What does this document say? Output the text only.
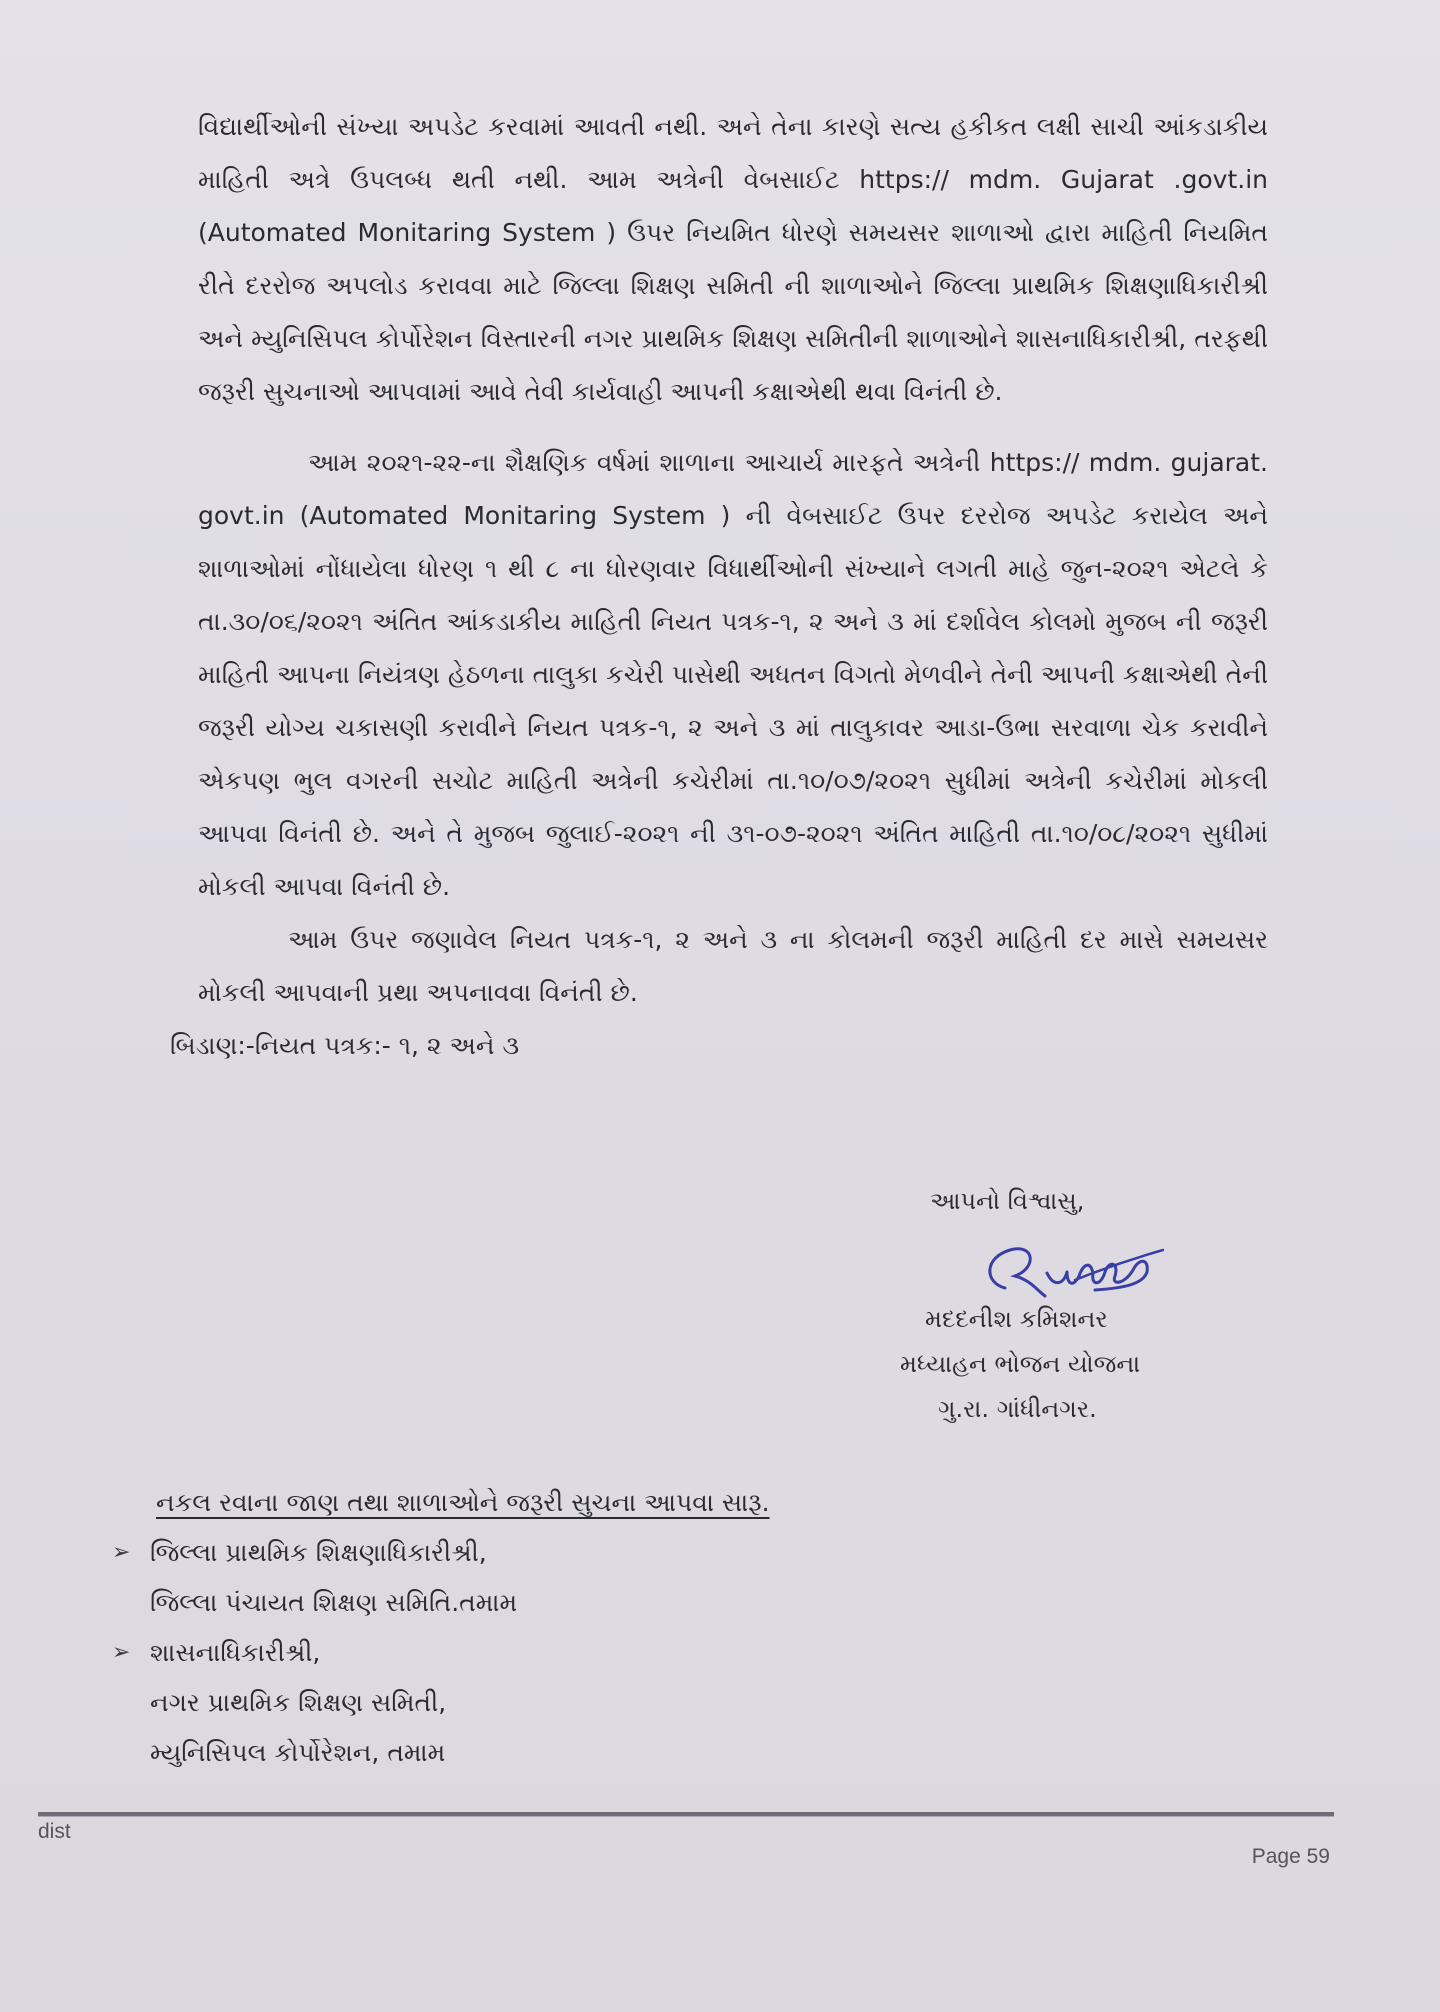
વિદ્યાર્થીઓની સંખ્યા અપડેટ કરવામાં આવતી નથી. અને તેના કારણે સત્ય હકીકત લક્ષી સાચી આંકડાકીય માહિતી અત્રે ઉપલબ્ધ થતી નથી. આમ અત્રેની વેબસાઈટ https:// mdm. Gujarat .govt.in (Automated Monitaring System ) ઉપર નિયમિત ધોરણે સમયસર શાળાઓ દ્વારા માહિતી નિયમિત રીતે દરરોજ અપલોડ કરાવવા માટે જિલ્લા શિક્ષણ સમિતી ની શાળાઓને જિલ્લા પ્રાથમિક શિક્ષણાધિકારીશ્રી અને મ્યુનિસિપલ કોર્પોરેશન વિસ્તારની નગર પ્રાથમિક શિક્ષણ સમિતીની શાળાઓને શાસનાધિકારીશ્રી, તરફથી જરૂરી સુચનાઓ આપવામાં આવે તેવી કાર્યવાહી આપની કક્ષાએથી થવા વિનંતી છે.

આમ ૨૦૨૧-૨૨-ના શૈક્ષણિક વર્ષમાં શાળાના આચાર્ય મારફતે અત્રેની https:// mdm. gujarat. govt.in (Automated Monitaring System ) ની વેબસાઈટ ઉપર દરરોજ અપડેટ કરાયેલ અને શાળાઓમાં નોંધાયેલા ધોરણ ૧ થી ૮ ના ધોરણવાર વિધાર્થીઓની સંખ્યાને લગતી માહે જુન-૨૦૨૧ એટલે કે તા.૩૦/૦૬/૨૦૨૧ અંતિત આંકડાકીય માહિતી નિયત પત્રક-૧, ૨ અને ૩ માં દર્શાવેલ કોલમો મુજબ ની જરૂરી માહિતી આપના નિયંત્રણ હેઠળના તાલુકા કચેરી પાસેથી અધતન વિગતો મેળવીને તેની આપની કક્ષાએથી તેની જરૂરી યોગ્ય ચકાસણી કરાવીને નિયત પત્રક-૧, ૨ અને ૩ માં તાલુકાવર આડા-ઉભા સરવાળા ચેક કરાવીને એકપણ ભુલ વગરની સચોટ માહિતી અત્રેની કચેરીમાં તા.૧૦/૦૭/૨૦૨૧ સુધીમાં અત્રેની કચેરીમાં મોકલી આપવા વિનંતી છે. અને તે મુજબ જુલાઈ-૨૦૨૧ ની ૩૧-૦૭-૨૦૨૧ અંતિત માહિતી તા.૧૦/૦૮/૨૦૨૧ સુધીમાં મોકલી આપવા વિનંતી છે.

આમ ઉપર જણાવેલ નિયત પત્રક-૧, ૨ અને ૩ ના કોલમની જરૂરી માહિતી દર માસે સમયસર મોકલી આપવાની પ્રથા અપનાવવા વિનંતી છે.

બિડાણ:-નિયત પત્રક:- ૧, ૨ અને ૩

આપનો વિશ્વાસુ,
મદદનીશ કમિશનર
મધ્યાહન ભોજન યોજના
ગુ.રા. ગાંધીનગર.
નકલ રવાના જાણ તથા શાળાઓને જરૂરી સુચના આપવા સારૂ.
➢ જિલ્લા પ્રાથમિક શિક્ષણાધિકારીશ્રી,
જિલ્લા પંચાયત શિક્ષણ સમિતિ.તમામ
➢ શાસનાધિકારીશ્રી,
નગર પ્રાથમિક શિક્ષણ સમિતી,
મ્યુનિસિપલ કોર્પોરેશન, તમામ
dist
Page 59
